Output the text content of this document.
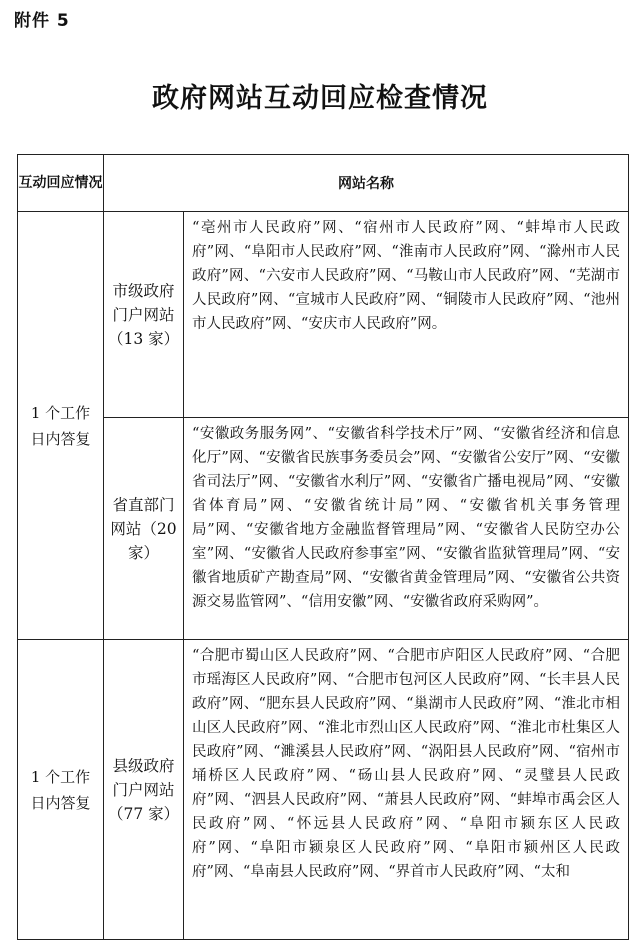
附件 5
政府网站互动回应检查情况
互动回应情况	网站名称	
1 个工作日内答复	市级政府门户网站（13 家）	“亳州市人民政府”网、“宿州市人民政府”网、“蚌埠市人民政府”网、“阜阳市人民政府”网、“淮南市人民政府”网、“滁州市人民政府”网、“六安市人民政府”网、“马鞍山市人民政府”网、“芜湖市人民政府”网、“宣城市人民政府”网、“铜陵市人民政府”网、“池州市人民政府”网、“安庆市人民政府”网。
	省直部门网站（20 家）	“安徽政务服务网”、“安徽省科学技术厅”网、“安徽省经济和信息化厅”网、“安徽省民族事务委员会”网、“安徽省公安厅”网、“安徽省司法厅”网、“安徽省水利厅”网、“安徽省广播电视局”网、“安徽省体育局”网、“安徽省统计局”网、“安徽省机关事务管理局”网、“安徽省地方金融监督管理局”网、“安徽省人民防空办公室”网、“安徽省人民政府参事室”网、“安徽省监狱管理局”网、“安徽省地质矿产勘查局”网、“安徽省黄金管理局”网、“安徽省公共资源交易监管网”、“信用安徽”网、“安徽省政府采购网”。
1 个工作日内答复	县级政府门户网站（77 家）	“合肥市蜀山区人民政府”网、“合肥市庐阳区人民政府”网、“合肥市瑶海区人民政府”网、“合肥市包河区人民政府”网、“长丰县人民政府”网、“肥东县人民政府”网、“巢湖市人民政府”网、“淮北市相山区人民政府”网、“淮北市烈山区人民政府”网、“淮北市杜集区人民政府”网、“濉溪县人民政府”网、“涡阳县人民政府”网、“宿州市埇桥区人民政府”网、“砀山县人民政府”网、“灵璧县人民政府”网、“泗县人民政府”网、“萧县人民政府”网、“蚌埠市禹会区人民政府”网、“怀远县人民政府”网、“阜阳市颍东区人民政府”网、“阜阳市颍泉区人民政府”网、“阜阳市颍州区人民政府”网、“阜南县人民政府”网、“界首市人民政府”网、“太和
